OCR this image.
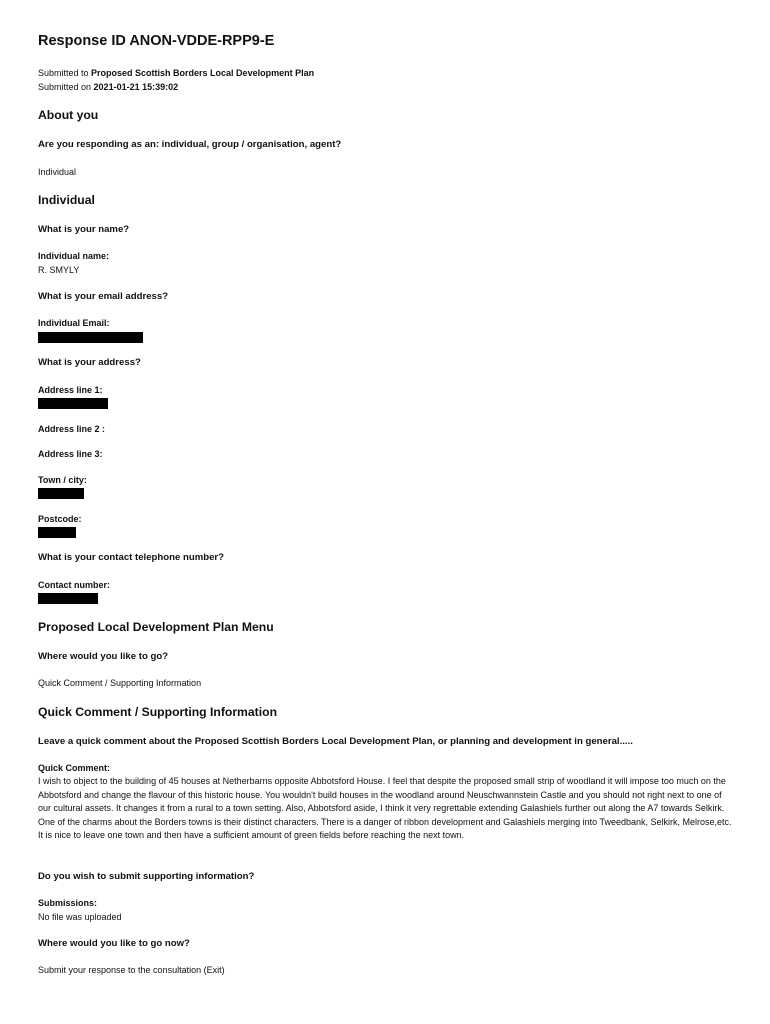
Response ID ANON-VDDE-RPP9-E
Submitted to Proposed Scottish Borders Local Development Plan
Submitted on 2021-01-21 15:39:02
About you
Are you responding as an: individual, group / organisation, agent?
Individual
Individual
What is your name?
Individual name:
R. SMYLY
What is your email address?
Individual Email:
What is your address?
Address line 1:
Address line 2 :
Address line 3:
Town / city:
Postcode:
What is your contact telephone number?
Contact number:
Proposed Local Development Plan Menu
Where would you like to go?
Quick Comment / Supporting Information
Quick Comment / Supporting Information
Leave a quick comment about the Proposed Scottish Borders Local Development Plan, or planning and development in general.....
Quick Comment:
I wish to object to the building of 45 houses at Netherbarns opposite Abbotsford House. I feel that despite the proposed small strip of woodland it will impose too much on the Abbotsford and change the flavour of this historic house. You wouldn't build houses in the woodland around Neuschwannstein Castle and you should not right next to one of our cultural assets. It changes it from a rural to a town setting. Also, Abbotsford aside, I think it very regrettable extending Galashiels further out along the A7 towards Selkirk. One of the charms about the Borders towns is their distinct characters. There is a danger of ribbon development and Galashiels merging into Tweedbank, Selkirk, Melrose,etc. It is nice to leave one town and then have a sufficient amount of green fields before reaching the next town.
Do you wish to submit supporting information?
Submissions:
No file was uploaded
Where would you like to go now?
Submit your response to the consultation (Exit)
